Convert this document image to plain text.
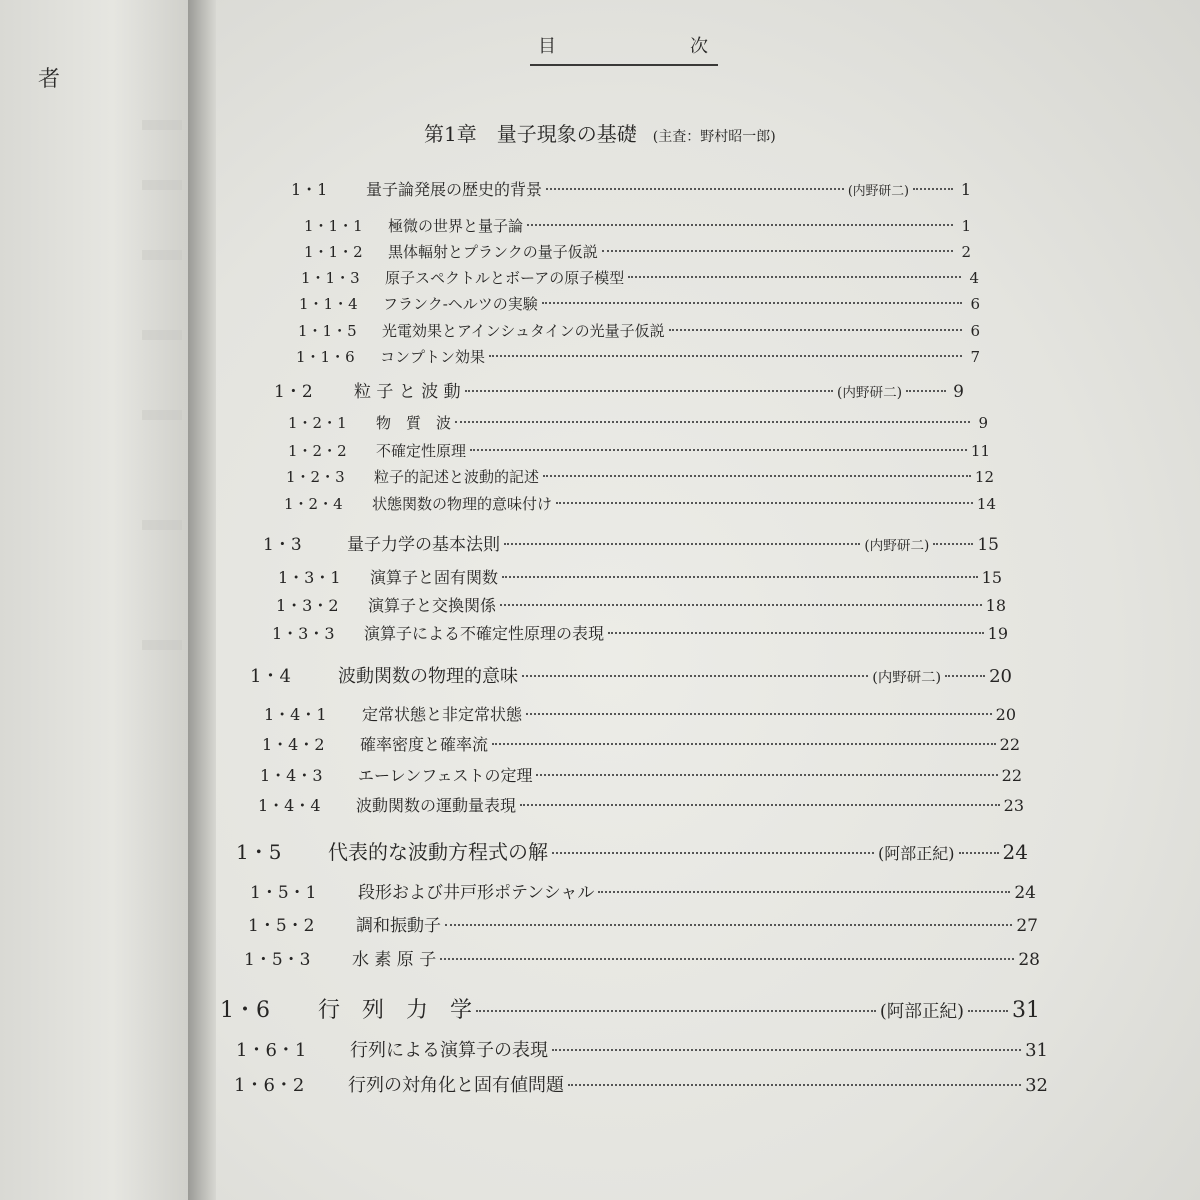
者
目	次
第1章　量子現象の基礎 (主査：野村昭一郎)
1・1	量子論発展の歴史的背景	(内野研二)	1
1・1・1	極微の世界と量子論	1
1・1・2	黒体輻射とプランクの量子仮説	2
1・1・3	原子スペクトルとボーアの原子模型	4
1・1・4	フランク-ヘルツの実験	6
1・1・5	光電効果とアインシュタインの光量子仮説	6
1・1・6	コンプトン効果	7
1・2	粒 子 と 波 動	(内野研二)	9
1・2・1	物　質　波	9
1・2・2	不確定性原理	11
1・2・3	粒子的記述と波動的記述	12
1・2・4	状態関数の物理的意味付け	14
1・3	量子力学の基本法則	(内野研二)	15
1・3・1	演算子と固有関数	15
1・3・2	演算子と交換関係	18
1・3・3	演算子による不確定性原理の表現	19
1・4	波動関数の物理的意味	(内野研二)	20
1・4・1	定常状態と非定常状態	20
1・4・2	確率密度と確率流	22
1・4・3	エーレンフェストの定理	22
1・4・4	波動関数の運動量表現	23
1・5	代表的な波動方程式の解	(阿部正紀) 24
1・5・1	段形および井戸形ポテンシャル	24
1・5・2	調和振動子	27
1・5・3	水 素 原 子	28
1・6	行　列　力　学	(阿部正紀) 31
1・6・1	行列による演算子の表現	31
1・6・2	行列の対角化と固有値問題	32
